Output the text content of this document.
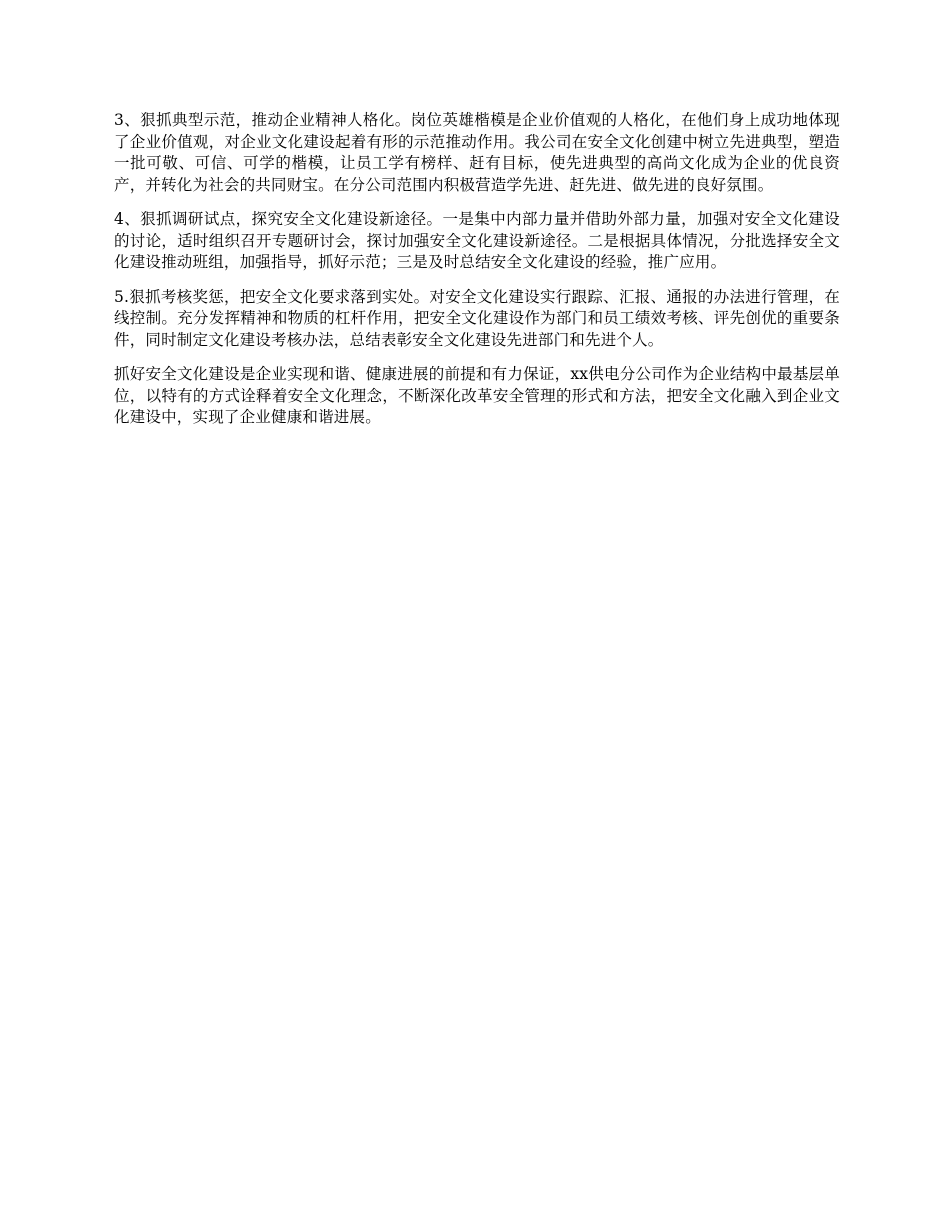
3、狠抓典型示范，推动企业精神人格化。岗位英雄楷模是企业价值观的人格化，在他们身上成功地体现了企业价值观，对企业文化建设起着有形的示范推动作用。我公司在安全文化创建中树立先进典型，塑造一批可敬、可信、可学的楷模，让员工学有榜样、赶有目标，使先进典型的高尚文化成为企业的优良资产，并转化为社会的共同财宝。在分公司范围内积极营造学先进、赶先进、做先进的良好氛围。

4、狠抓调研试点，探究安全文化建设新途径。一是集中内部力量并借助外部力量，加强对安全文化建设的讨论，适时组织召开专题研讨会，探讨加强安全文化建设新途径。二是根据具体情况，分批选择安全文化建设推动班组，加强指导，抓好示范；三是及时总结安全文化建设的经验，推广应用。

5.狠抓考核奖惩，把安全文化要求落到实处。对安全文化建设实行跟踪、汇报、通报的办法进行管理，在线控制。充分发挥精神和物质的杠杆作用，把安全文化建设作为部门和员工绩效考核、评先创优的重要条件，同时制定文化建设考核办法，总结表彰安全文化建设先进部门和先进个人。

抓好安全文化建设是企业实现和谐、健康进展的前提和有力保证，xx供电分公司作为企业结构中最基层单位，以特有的方式诠释着安全文化理念，不断深化改革安全管理的形式和方法，把安全文化融入到企业文化建设中，实现了企业健康和谐进展。
